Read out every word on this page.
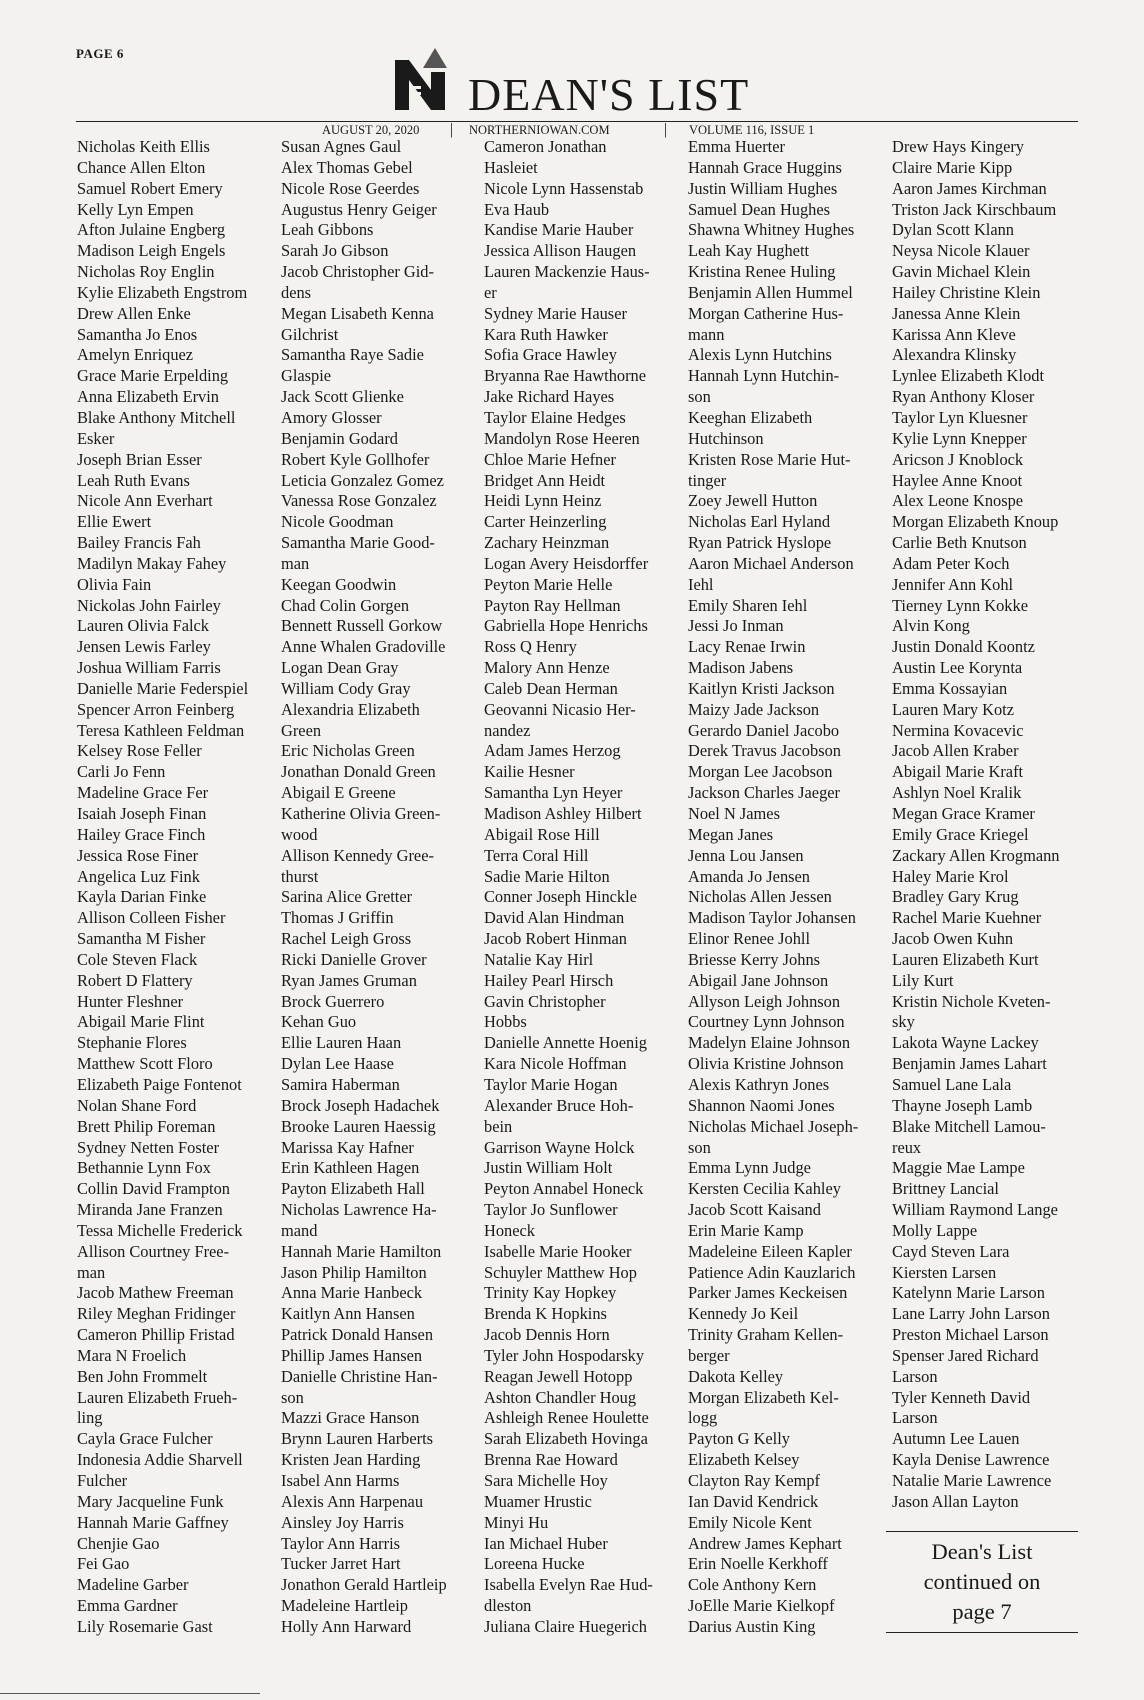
PAGE 6
DEAN'S LIST
AUGUST 20, 2020 | NORTHERNIOWAN.COM	| VOLUME 116, ISSUE 1
Nicholas Keith Ellis
Chance Allen Elton
Samuel Robert Emery
Kelly Lyn Empen
Afton Julaine Engberg
Madison Leigh Engels
Nicholas Roy Englin
Kylie Elizabeth Engstrom
Drew Allen Enke
Samantha Jo Enos
Amelyn Enriquez
Grace Marie Erpelding
Anna Elizabeth Ervin
Blake Anthony Mitchell
Esker
Joseph Brian Esser
Leah Ruth Evans
Nicole Ann Everhart
Ellie Ewert
Bailey Francis Fah
Madilyn Makay Fahey
Olivia Fain
Nickolas John Fairley
Lauren Olivia Falck
Jensen Lewis Farley
Joshua William Farris
Danielle Marie Federspiel
Spencer Arron Feinberg
Teresa Kathleen Feldman
Kelsey Rose Feller
Carli Jo Fenn
Madeline Grace Fer
Isaiah Joseph Finan
Hailey Grace Finch
Jessica Rose Finer
Angelica Luz Fink
Kayla Darian Finke
Allison Colleen Fisher
Samantha M Fisher
Cole Steven Flack
Robert D Flattery
Hunter Fleshner
Abigail Marie Flint
Stephanie Flores
Matthew Scott Floro
Elizabeth Paige Fontenot
Nolan Shane Ford
Brett Philip Foreman
Sydney Netten Foster
Bethannie Lynn Fox
Collin David Frampton
Miranda Jane Franzen
Tessa Michelle Frederick
Allison Courtney Free-
man
Jacob Mathew Freeman
Riley Meghan Fridinger
Cameron Phillip Fristad
Mara N Froelich
Ben John Frommelt
Lauren Elizabeth Frueh-
ling
Cayla Grace Fulcher
Indonesia Addie Sharvell
Fulcher
Mary Jacqueline Funk
Hannah Marie Gaffney
Chenjie Gao
Fei Gao
Madeline Garber
Emma Gardner
Lily Rosemarie Gast
Susan Agnes Gaul
Alex Thomas Gebel
Nicole Rose Geerdes
Augustus Henry Geiger
Leah Gibbons
Sarah Jo Gibson
Jacob Christopher Gid-
dens
Megan Lisabeth Kenna
Gilchrist
Samantha Raye Sadie
Glaspie
Jack Scott Glienke
Amory Glosser
Benjamin Godard
Robert Kyle Gollhofer
Leticia Gonzalez Gomez
Vanessa Rose Gonzalez
Nicole Goodman
Samantha Marie Good-
man
Keegan Goodwin
Chad Colin Gorgen
Bennett Russell Gorkow
Anne Whalen Gradoville
Logan Dean Gray
William Cody Gray
Alexandria Elizabeth
Green
Eric Nicholas Green
Jonathan Donald Green
Abigail E Greene
Katherine Olivia Green-
wood
Allison Kennedy Gree-
thurst
Sarina Alice Gretter
Thomas J Griffin
Rachel Leigh Gross
Ricki Danielle Grover
Ryan James Gruman
Brock Guerrero
Kehan Guo
Ellie Lauren Haan
Dylan Lee Haase
Samira Haberman
Brock Joseph Hadachek
Brooke Lauren Haessig
Marissa Kay Hafner
Erin Kathleen Hagen
Payton Elizabeth Hall
Nicholas Lawrence Ha-
mand
Hannah Marie Hamilton
Jason Philip Hamilton
Anna Marie Hanbeck
Kaitlyn Ann Hansen
Patrick Donald Hansen
Phillip James Hansen
Danielle Christine Han-
son
Mazzi Grace Hanson
Brynn Lauren Harberts
Kristen Jean Harding
Isabel Ann Harms
Alexis Ann Harpenau
Ainsley Joy Harris
Taylor Ann Harris
Tucker Jarret Hart
Jonathon Gerald Hartleip
Madeleine Hartleip
Holly Ann Harward
Cameron Jonathan
Hasleiet
Nicole Lynn Hassenstab
Eva Haub
Kandise Marie Hauber
Jessica Allison Haugen
Lauren Mackenzie Haus-
er
Sydney Marie Hauser
Kara Ruth Hawker
Sofia Grace Hawley
Bryanna Rae Hawthorne
Jake Richard Hayes
Taylor Elaine Hedges
Mandolyn Rose Heeren
Chloe Marie Hefner
Bridget Ann Heidt
Heidi Lynn Heinz
Carter Heinzerling
Zachary Heinzman
Logan Avery Heisdorffer
Peyton Marie Helle
Payton Ray Hellman
Gabriella Hope Henrichs
Ross Q Henry
Malory Ann Henze
Caleb Dean Herman
Geovanni Nicasio Her-
nandez
Adam James Herzog
Kailie Hesner
Samantha Lyn Heyer
Madison Ashley Hilbert
Abigail Rose Hill
Terra Coral Hill
Sadie Marie Hilton
Conner Joseph Hinckle
David Alan Hindman
Jacob Robert Hinman
Natalie Kay Hirl
Hailey Pearl Hirsch
Gavin Christopher
Hobbs
Danielle Annette Hoenig
Kara Nicole Hoffman
Taylor Marie Hogan
Alexander Bruce Hoh-
bein
Garrison Wayne Holck
Justin William Holt
Peyton Annabel Honeck
Taylor Jo Sunflower
Honeck
Isabelle Marie Hooker
Schuyler Matthew Hop
Trinity Kay Hopkey
Brenda K Hopkins
Jacob Dennis Horn
Tyler John Hospodarsky
Reagan Jewell Hotopp
Ashton Chandler Houg
Ashleigh Renee Houlette
Sarah Elizabeth Hovinga
Brenna Rae Howard
Sara Michelle Hoy
Muamer Hrustic
Minyi Hu
Ian Michael Huber
Loreena Hucke
Isabella Evelyn Rae Hud-
dleston
Juliana Claire Huegerich
Emma Huerter
Hannah Grace Huggins
Justin William Hughes
Samuel Dean Hughes
Shawna Whitney Hughes
Leah Kay Hughett
Kristina Renee Huling
Benjamin Allen Hummel
Morgan Catherine Hus-
mann
Alexis Lynn Hutchins
Hannah Lynn Hutchin-
son
Keeghan Elizabeth
Hutchinson
Kristen Rose Marie Hut-
tinger
Zoey Jewell Hutton
Nicholas Earl Hyland
Ryan Patrick Hyslope
Aaron Michael Anderson
Iehl
Emily Sharen Iehl
Jessi Jo Inman
Lacy Renae Irwin
Madison Jabens
Kaitlyn Kristi Jackson
Maizy Jade Jackson
Gerardo Daniel Jacobo
Derek Travus Jacobson
Morgan Lee Jacobson
Jackson Charles Jaeger
Noel N James
Megan Janes
Jenna Lou Jansen
Amanda Jo Jensen
Nicholas Allen Jessen
Madison Taylor Johansen
Elinor Renee Johll
Briesse Kerry Johns
Abigail Jane Johnson
Allyson Leigh Johnson
Courtney Lynn Johnson
Madelyn Elaine Johnson
Olivia Kristine Johnson
Alexis Kathryn Jones
Shannon Naomi Jones
Nicholas Michael Joseph-
son
Emma Lynn Judge
Kersten Cecilia Kahley
Jacob Scott Kaisand
Erin Marie Kamp
Madeleine Eileen Kapler
Patience Adin Kauzlarich
Parker James Keckeisen
Kennedy Jo Keil
Trinity Graham Kellen-
berger
Dakota Kelley
Morgan Elizabeth Kel-
logg
Payton G Kelly
Elizabeth Kelsey
Clayton Ray Kempf
Ian David Kendrick
Emily Nicole Kent
Andrew James Kephart
Erin Noelle Kerkhoff
Cole Anthony Kern
JoElle Marie Kielkopf
Darius Austin King
Drew Hays Kingery
Claire Marie Kipp
Aaron James Kirchman
Triston Jack Kirschbaum
Dylan Scott Klann
Neysa Nicole Klauer
Gavin Michael Klein
Hailey Christine Klein
Janessa Anne Klein
Karissa Ann Kleve
Alexandra Klinsky
Lynlee Elizabeth Klodt
Ryan Anthony Kloser
Taylor Lyn Kluesner
Kylie Lynn Knepper
Aricson J Knoblock
Haylee Anne Knoot
Alex Leone Knospe
Morgan Elizabeth Knoup
Carlie Beth Knutson
Adam Peter Koch
Jennifer Ann Kohl
Tierney Lynn Kokke
Alvin Kong
Justin Donald Koontz
Austin Lee Korynta
Emma Kossayian
Lauren Mary Kotz
Nermina Kovacevic
Jacob Allen Kraber
Abigail Marie Kraft
Ashlyn Noel Kralik
Megan Grace Kramer
Emily Grace Kriegel
Zackary Allen Krogmann
Haley Marie Krol
Bradley Gary Krug
Rachel Marie Kuehner
Jacob Owen Kuhn
Lauren Elizabeth Kurt
Lily Kurt
Kristin Nichole Kveten-
sky
Lakota Wayne Lackey
Benjamin James Lahart
Samuel Lane Lala
Thayne Joseph Lamb
Blake Mitchell Lamou-
reux
Maggie Mae Lampe
Brittney Lancial
William Raymond Lange
Molly Lappe
Cayd Steven Lara
Kiersten Larsen
Katelynn Marie Larson
Lane Larry John Larson
Preston Michael Larson
Spenser Jared Richard
Larson
Tyler Kenneth David
Larson
Autumn Lee Lauen
Kayla Denise Lawrence
Natalie Marie Lawrence
Jason Allan Layton
Dean's List
continued on
page 7
